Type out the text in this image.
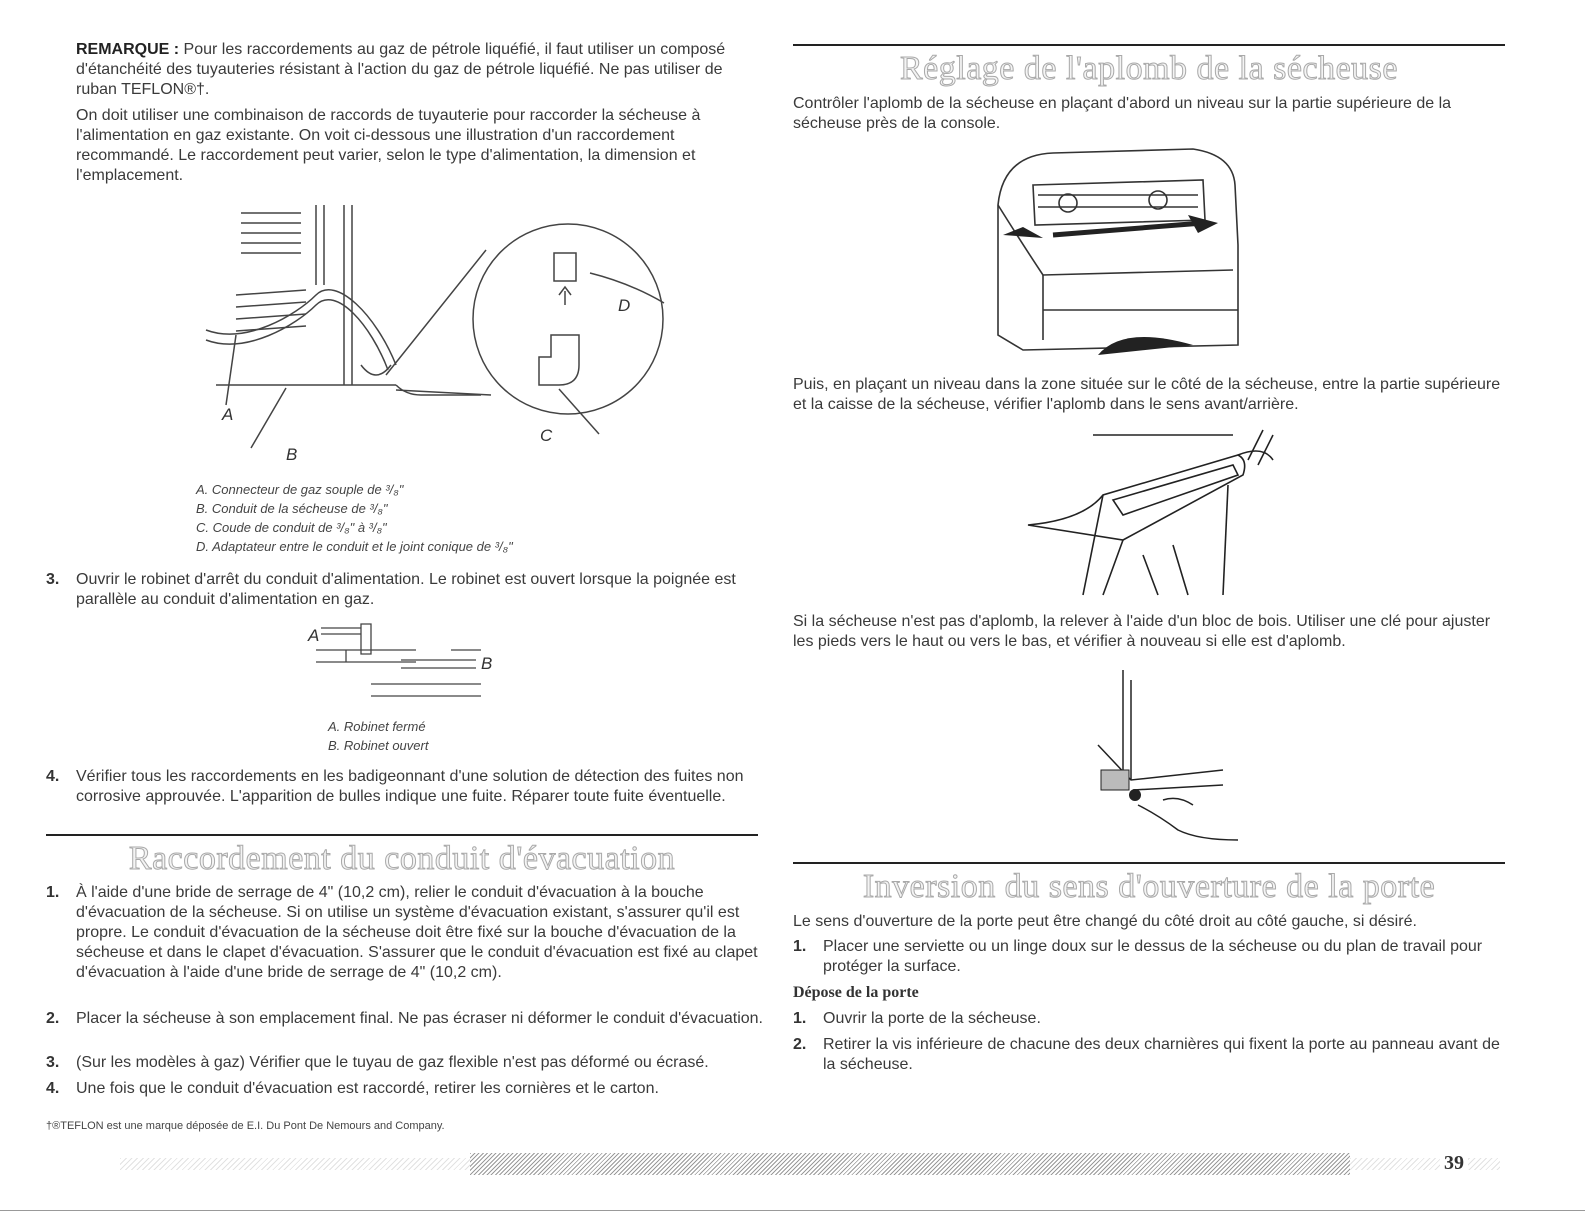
REMARQUE : Pour les raccordements au gaz de pétrole liquéfié, il faut utiliser un composé d'étanchéité des tuyauteries résistant à l'action du gaz de pétrole liquéfié. Ne pas utiliser de ruban TEFLON®†.

On doit utiliser une combinaison de raccords de tuyauterie pour raccorder la sécheuse à l'alimentation en gaz existante. On voit ci-dessous une illustration d'un raccordement recommandé. Le raccordement peut varier, selon le type d'alimentation, la dimension et l'emplacement.

A
B
C
D
A. Connecteur de gaz souple de ³/₈"
B. Conduit de la sécheuse de ³/₈"
C. Coude de conduit de ³/₈" à ³/₈"
D. Adaptateur entre le conduit et le joint conique de ³/₈"
3. Ouvrir le robinet d'arrêt du conduit d'alimentation. Le robinet est ouvert lorsque la poignée est parallèle au conduit d'alimentation en gaz.

A
B
A. Robinet fermé
B. Robinet ouvert
4. Vérifier tous les raccordements en les badigeonnant d'une solution de détection des fuites non corrosive approuvée. L'apparition de bulles indique une fuite. Réparer toute fuite éventuelle.

Raccordement du conduit d'évacuation
1. À l'aide d'une bride de serrage de 4" (10,2 cm), relier le conduit d'évacuation à la bouche d'évacuation de la sécheuse. Si on utilise un système d'évacuation existant, s'assurer qu'il est propre. Le conduit d'évacuation de la sécheuse doit être fixé sur la bouche d'évacuation de la sécheuse et dans le clapet d'évacuation. S'assurer que le conduit d'évacuation est fixé au clapet d'évacuation à l'aide d'une bride de serrage de 4" (10,2 cm).

2. Placer la sécheuse à son emplacement final. Ne pas écraser ni déformer le conduit d'évacuation.

3. (Sur les modèles à gaz) Vérifier que le tuyau de gaz flexible n'est pas déformé ou écrasé.

4. Une fois que le conduit d'évacuation est raccordé, retirer les cornières et le carton.

†®TEFLON est une marque déposée de E.I. Du Pont De Nemours and Company.
Réglage de l'aplomb de la sécheuse

Contrôler l'aplomb de la sécheuse en plaçant d'abord un niveau sur la partie supérieure de la sécheuse près de la console.

Puis, en plaçant un niveau dans la zone située sur le côté de la sécheuse, entre la partie supérieure et la caisse de la sécheuse, vérifier l'aplomb dans le sens avant/arrière.

Si la sécheuse n'est pas d'aplomb, la relever à l'aide d'un bloc de bois. Utiliser une clé pour ajuster les pieds vers le haut ou vers le bas, et vérifier à nouveau si elle est d'aplomb.

Inversion du sens d'ouverture de la porte

Le sens d'ouverture de la porte peut être changé du côté droit au côté gauche, si désiré.

1. Placer une serviette ou un linge doux sur le dessus de la sécheuse ou du plan de travail pour protéger la surface.

Dépose de la porte
1. Ouvrir la porte de la sécheuse.

2. Retirer la vis inférieure de chacune des deux charnières qui fixent la porte au panneau avant de la sécheuse.

39
